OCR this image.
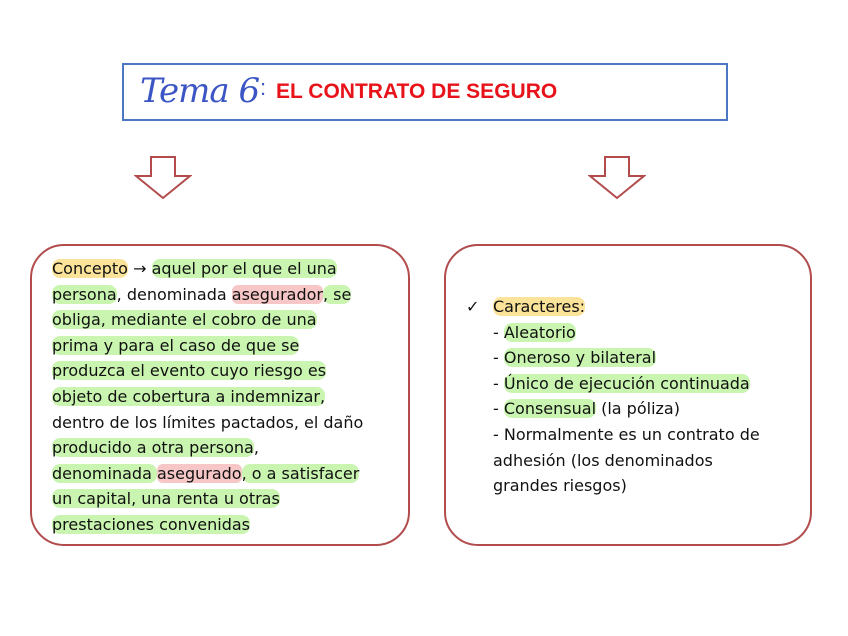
Tema 6 : EL CONTRATO DE SEGURO
Concepto → aquel por el que el una
persona, denominada asegurador, se
obliga, mediante el cobro de una
prima y para el caso de que se
produzca el evento cuyo riesgo es
objeto de cobertura a indemnizar,
dentro de los límites pactados, el daño
producido a otra persona,
denominada asegurado, o a satisfacer
un capital, una renta u otras
prestaciones convenidas
✓ Caracteres:
- Aleatorio
- Oneroso y bilateral
- Único de ejecución continuada
- Consensual (la póliza)
- Normalmente es un contrato de
adhesión (los denominados
grandes riesgos)
